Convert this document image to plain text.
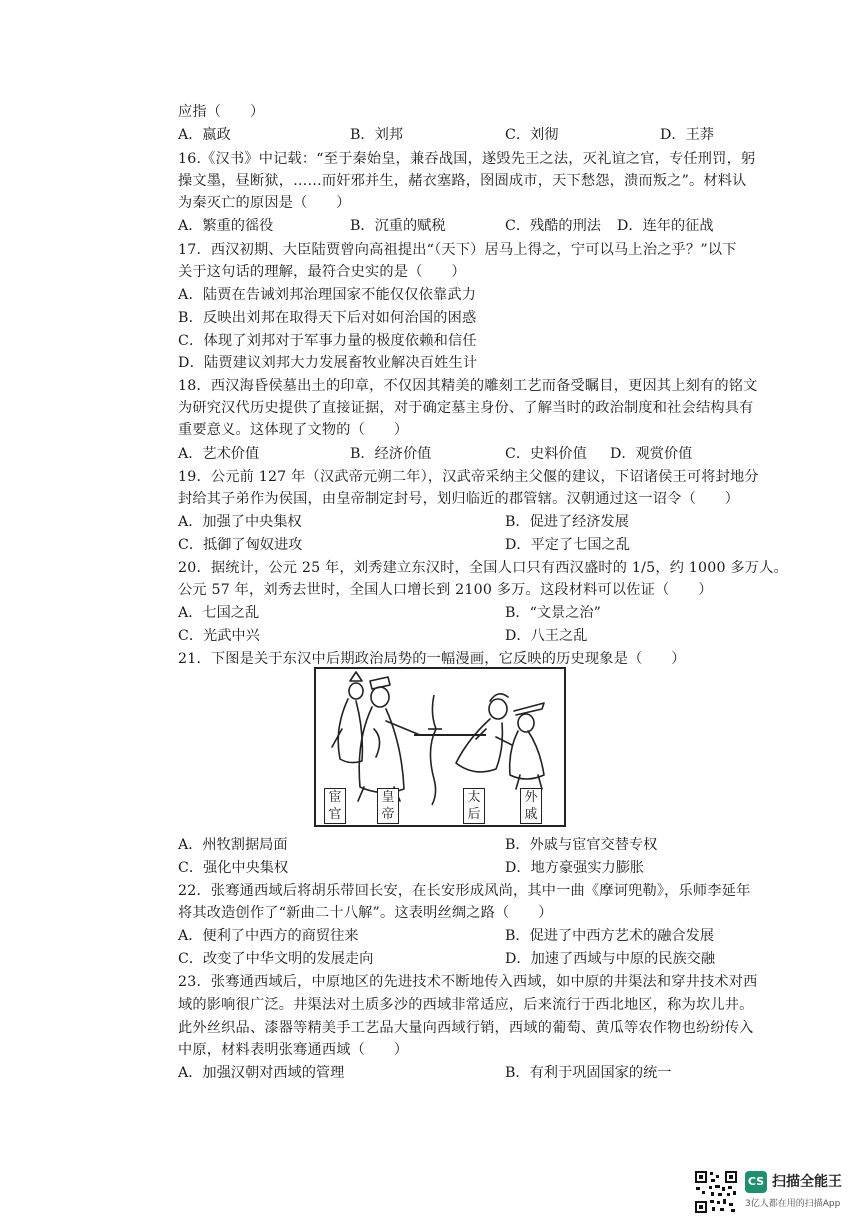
应指（　　）
A．嬴政	B．刘邦	C．刘彻	D．王莽
16.《汉书》中记载：“至于秦始皇，兼吞战国，遂毁先王之法，灭礼谊之官，专任刑罚，躬
操文墨，昼断狱，……而奸邪并生，赭衣塞路，囹圄成市，天下愁怨，溃而叛之”。材料认
为秦灭亡的原因是（　　）
A．繁重的徭役	B．沉重的赋税	C．残酷的刑法 D．连年的征战
17．西汉初期、大臣陆贾曾向高祖提出“（天下）居马上得之，宁可以马上治之乎？”以下
关于这句话的理解，最符合史实的是（　　）
A．陆贾在告诫刘邦治理国家不能仅仅依靠武力
B．反映出刘邦在取得天下后对如何治国的困惑
C．体现了刘邦对于军事力量的极度依赖和信任
D．陆贾建议刘邦大力发展畜牧业解决百姓生计
18．西汉海昏侯墓出土的印章，不仅因其精美的雕刻工艺而备受瞩目，更因其上刻有的铭文
为研究汉代历史提供了直接证据，对于确定墓主身份、了解当时的政治制度和社会结构具有
重要意义。这体现了文物的（　　）
A．艺术价值	B．经济价值	C．史料价值 D．观赏价值
19．公元前 127 年（汉武帝元朔二年），汉武帝采纳主父偃的建议，下诏诸侯王可将封地分
封给其子弟作为侯国，由皇帝制定封号，划归临近的郡管辖。汉朝通过这一诏令（　　）
A．加强了中央集权	B．促进了经济发展
C．抵御了匈奴进攻	D．平定了七国之乱
20．据统计，公元 25 年，刘秀建立东汉时，全国人口只有西汉盛时的 1/5，约 1000 多万人。
公元 57 年，刘秀去世时，全国人口增长到 2100 多万。这段材料可以佐证（　　）
A．七国之乱	B．“文景之治”
C．光武中兴	D．八王之乱
21．下图是关于东汉中后期政治局势的一幅漫画，它反映的历史现象是（　　）
宦官
皇帝
太后
外戚
A．州牧割据局面	B．外戚与宦官交替专权
C．强化中央集权	D．地方豪强实力膨胀
22．张骞通西域后将胡乐带回长安，在长安形成风尚，其中一曲《摩诃兜勒》，乐师李延年
将其改造创作了“新曲二十八解”。这表明丝绸之路（　　）
A．便利了中西方的商贸往来	B．促进了中西方艺术的融合发展
C．改变了中华文明的发展走向	D．加速了西域与中原的民族交融
23．张骞通西域后，中原地区的先进技术不断地传入西域，如中原的井渠法和穿井技术对西
域的影响很广泛。井渠法对土质多沙的西域非常适应，后来流行于西北地区，称为坎儿井。
此外丝织品、漆器等精美手工艺品大量向西域行销，西域的葡萄、黄瓜等农作物也纷纷传入
中原，材料表明张骞通西域（　　）
A．加强汉朝对西域的管理	B．有利于巩固国家的统一
CS 扫描全能王
3亿人都在用的扫描App
